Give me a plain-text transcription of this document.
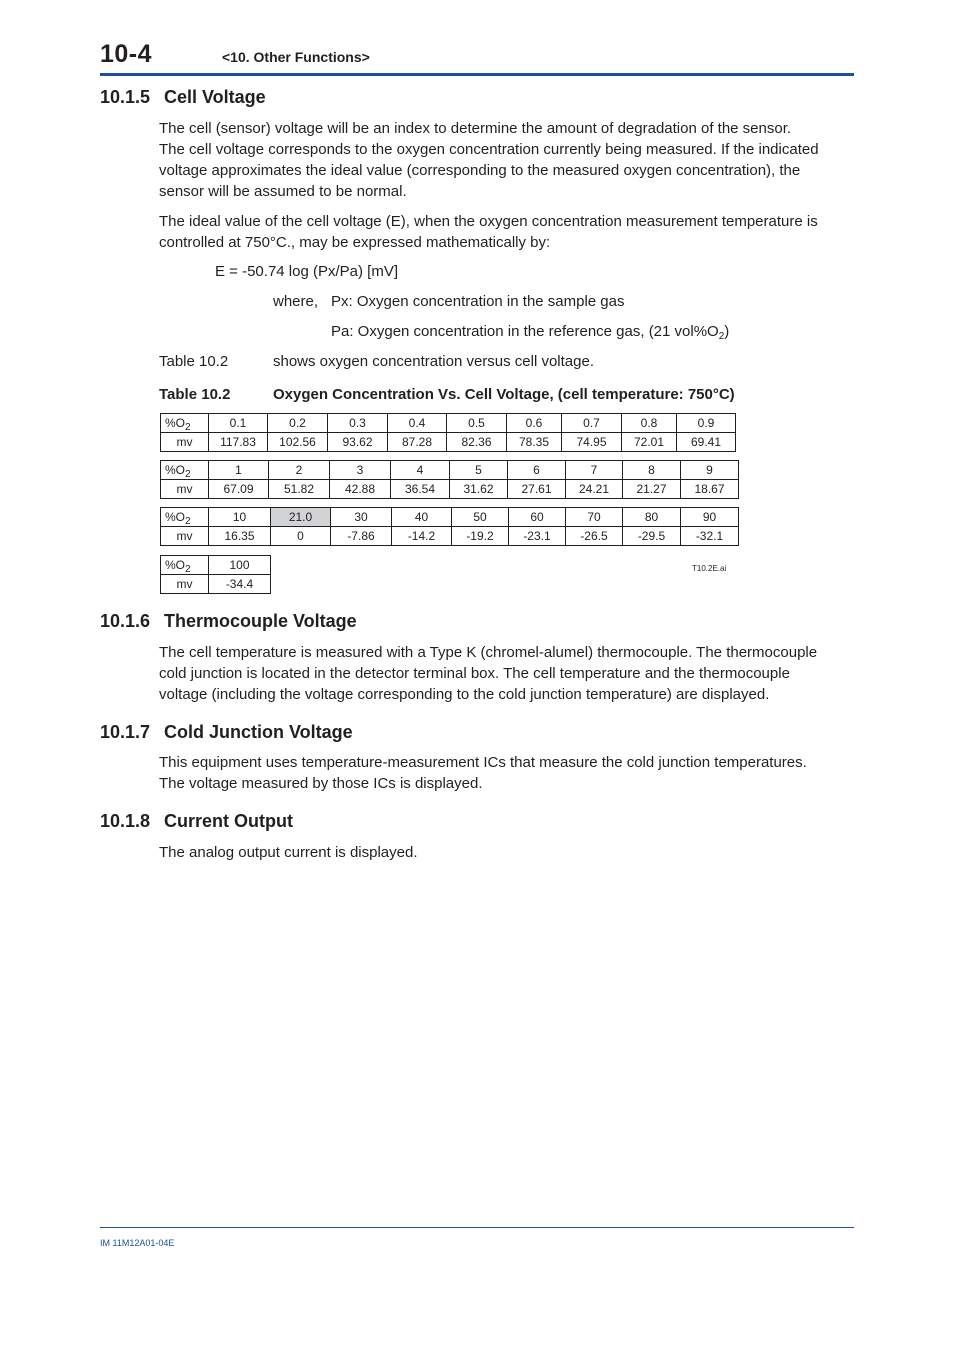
10-4	<10. Other Functions>
10.1.5 Cell Voltage
The cell (sensor) voltage will be an index to determine the amount of degradation of the sensor.
The cell voltage corresponds to the oxygen concentration currently being measured. If the indicated
voltage approximates the ideal value (corresponding to the measured oxygen concentration), the
sensor will be assumed to be normal.
The ideal value of the cell voltage (E), when the oxygen concentration measurement temperature is
controlled at 750°C., may be expressed mathematically by:
E = -50.74 log (Px/Pa) [mV]
where, Px: Oxygen concentration in the sample gas
Pa: Oxygen concentration in the reference gas, (21 $vol\%O_2$)
Table 10.2	shows oxygen concentration versus cell voltage.
Table 10.2	Oxygen Concentration Vs. Cell Voltage, (cell temperature: 750°C)
$\%O_2$	0.1	0.2	0.3	0.4	0.5	0.6	0.7	0.8	0.9
mv	117.83	102.56	93.62	87.28	82.36	78.35	74.95	72.01	69.41
$\%O_2$	1	2	3	4	5	6	7	8	9
mv	67.09	51.82	42.88	36.54	31.62	27.61	24.21	21.27	18.67
$\%O_2$	10	21.0	30	40	50	60	70	80	90
mv	16.35	0	-7.86	-14.2	-19.2	-23.1	-26.5	-29.5	-32.1
$\%O_2$	100
mv	-34.4
T10.2E.ai
10.1.6 Thermocouple Voltage
The cell temperature is measured with a Type K (chromel-alumel) thermocouple. The thermocouple
cold junction is located in the detector terminal box. The cell temperature and the thermocouple
voltage (including the voltage corresponding to the cold junction temperature) are displayed.
10.1.7 Cold Junction Voltage
This equipment uses temperature-measurement ICs that measure the cold junction temperatures.
The voltage measured by those ICs is displayed.
10.1.8 Current Output
The analog output current is displayed.
IM 11M12A01-04E
